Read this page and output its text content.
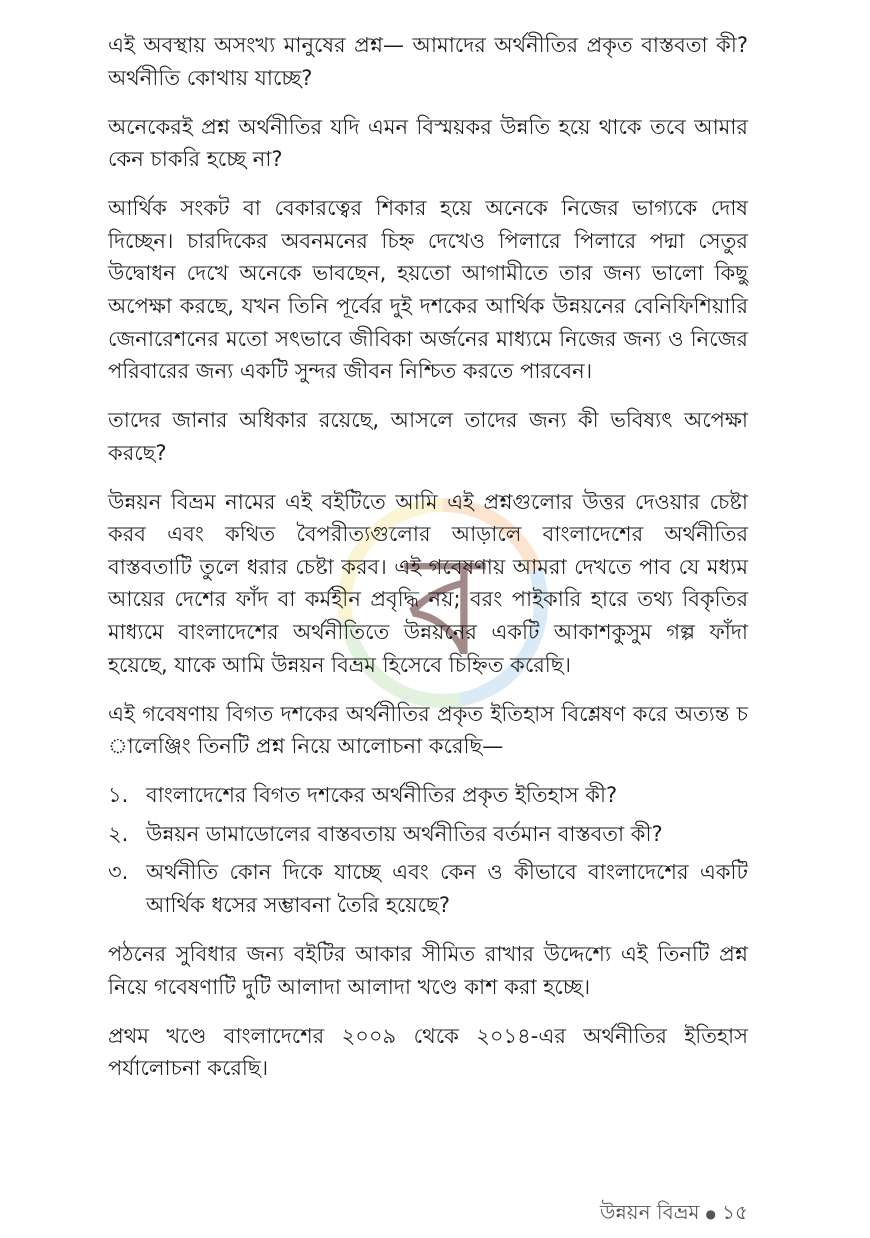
ব

এই অবস্থায় অসংখ্য মানুষের প্রশ্ন— আমাদের অর্থনীতির প্রকৃত বাস্তবতা কী? অর্থনীতি কোথায় যাচ্ছে?

অনেকেরই প্রশ্ন অর্থনীতির যদি এমন বিস্ময়কর উন্নতি হয়ে থাকে তবে আমার কেন চাকরি হচ্ছে না?

আর্থিক সংকট বা বেকারত্বের শিকার হয়ে অনেকে নিজের ভাগ্যকে দোষ দিচ্ছেন। চারদিকের অবনমনের চিহ্ন দেখেও পিলারে পিলারে পদ্মা সেতুর উদ্বোধন দেখে অনেকে ভাবছেন, হয়তো আগামীতে তার জন্য ভালো কিছু অপেক্ষা করছে, যখন তিনি পূর্বের দুই দশকের আর্থিক উন্নয়নের বেনিফিশিয়ারি জেনারেশনের মতো সৎভাবে জীবিকা অর্জনের মাধ্যমে নিজের জন্য ও নিজের পরিবারের জন্য একটি সুন্দর জীবন নিশ্চিত করতে পারবেন।

তাদের জানার অধিকার রয়েছে, আসলে তাদের জন্য কী ভবিষ্যৎ অপেক্ষা করছে?

উন্নয়ন বিভ্রম নামের এই বইটিতে আমি এই প্রশ্নগুলোর উত্তর দেওয়ার চেষ্টা করব এবং কথিত বৈপরীত্যগুলোর আড়ালে বাংলাদেশের অর্থনীতির বাস্তবতাটি তুলে ধরার চেষ্টা করব। এই গবেষণায় আমরা দেখতে পাব যে মধ্যম আয়ের দেশের ফাঁদ বা কর্মহীন প্রবৃদ্ধি নয়; বরং পাইকারি হারে তথ্য বিকৃতির মাধ্যমে বাংলাদেশের অর্থনীতিতে উন্নয়নের একটি আকাশকুসুম গল্প ফাঁদা হয়েছে, যাকে আমি উন্নয়ন বিভ্রম হিসেবে চিহ্নিত করেছি।

এই গবেষণায় বিগত দশকের অর্থনীতির প্রকৃত ইতিহাস বিশ্লেষণ করে অত্যন্ত চ ালেঞ্জিং তিনটি প্রশ্ন নিয়ে আলোচনা করেছি—

১. বাংলাদেশের বিগত দশকের অর্থনীতির প্রকৃত ইতিহাস কী?
২. উন্নয়ন ডামাডোলের বাস্তবতায় অর্থনীতির বর্তমান বাস্তবতা কী?
৩. অর্থনীতি কোন দিকে যাচ্ছে এবং কেন ও কীভাবে বাংলাদেশের একটি আর্থিক ধসের সম্ভাবনা তৈরি হয়েছে?

পঠনের সুবিধার জন্য বইটির আকার সীমিত রাখার উদ্দেশ্যে এই তিনটি প্রশ্ন নিয়ে গবেষণাটি দুটি আলাদা আলাদা খণ্ডে কাশ করা হচ্ছে।

প্রথম খণ্ডে বাংলাদেশের ২০০৯ থেকে ২০১৪-এর অর্থনীতির ইতিহাস পর্যালোচনা করেছি।

উন্নয়ন বিভ্রম ● ১৫
